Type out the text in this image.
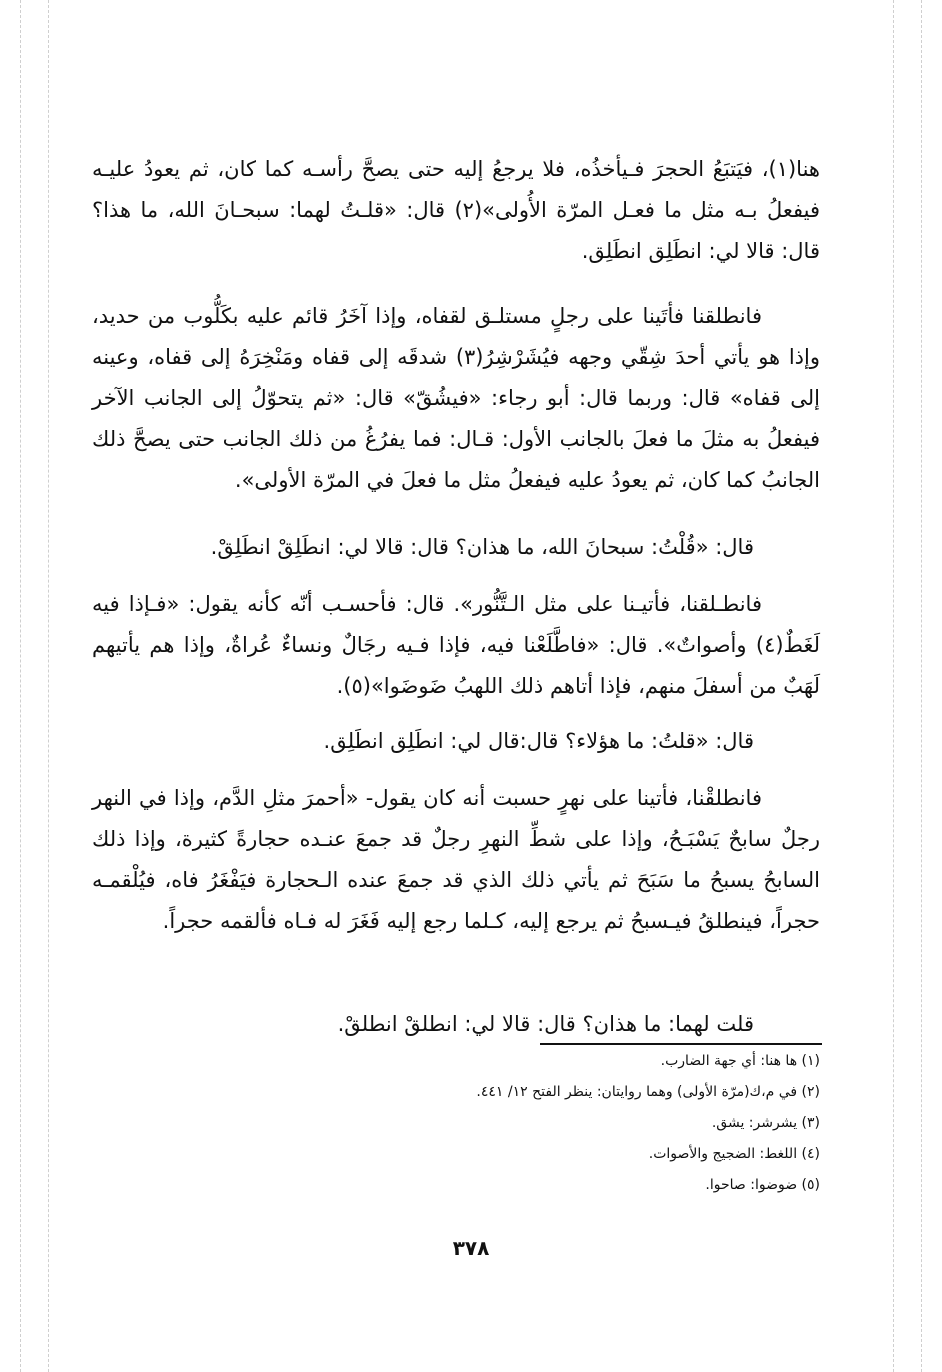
هنا(١)، فيَتبَعُ الحجرَ فـيأخذُه، فلا يرجعُ إليه حتى يصحَّ رأسـه كما كان، ثم يعودُ عليـه فيفعلُ بـه مثل ما فعـل المرّة الأُولى»(٢) قال: «قلـتُ لهما: سبحـانَ الله، ما هذا؟قال: قالا لي: انطَلِق انطَلِق.

فانطلقنا فأتَينا على رجلٍ مستلـق لقفاه، وإذا آخَرُ قائم عليه بكَلُّوب من حديد، وإذا هو يأتي أحدَ شِقّي وجهه فيُشَرْشِرُ(٣) شدقَه إلى قفاه ومَنْخِرَهُ إلى قفاه، وعينه إلى قفاه» قال: وربما قال: أبو رجاء: «فيشُقّ» قال: «ثم يتحوّلُ إلى الجانب الآخر فيفعلُ به مثلَ ما فعلَ بالجانب الأول: قـال: فما يفرُغُ من ذلك الجانب حتى يصحَّ ذلك الجانبُ كما كان، ثم يعودُ عليه فيفعلُ مثل ما فعلَ في المرّة الأولى».

قال: «قُلْتُ: سبحانَ الله، ما هذان؟ قال: قالا لي: انطَلِقْ انطَلِقْ.

فانطـلقنا، فأتيـنا على مثل الـتَّنُّور». قال: فأحسـب أنّه كأنه يقول: «فـإذا فيه لَغَطٌ(٤) وأصواتٌ». قال: «فاطَّلَعْنا فيه، فإذا فـيه رجَالٌ ونساءٌ عُراةٌ، وإذا هم يأتيهم لَهَبٌ من أسفلَ منهم، فإذا أتاهم ذلك اللهبُ ضَوضَوا»(٥).

قال: «قلتُ: ما هؤلاء؟ قال:قال لي: انطَلِق انطَلِق.

فانطلقْنا، فأتينا على نهرٍ حسبت أنه كان يقول- «أحمرَ مثلِ الدَّم، وإذا في النهر رجلٌ سابحٌ يَسْبَـحُ، وإذا على شطِّ النهرِ رجلٌ قد جمعَ عنـده حجارةً كثيرة، وإذا ذلك السابحُ يسبحُ ما سَبَحَ ثم يأتي ذلك الذي قد جمعَ عنده الـحجارة فيَفْغَرُ فاه، فيُلْقمـه حجراً، فينطلقُ فيـسبحُ ثم يرجع إليه، كـلما رجع إليه فَغَرَ له فـاه فألقمه حجراً.

قلت لهما: ما هذان؟ قال: قالا لي: انطلقْ انطلقْ.

(١) ها هنا: أي جهة الضارب.
(٢) في م،ك(مرّة الأولى) وهما روايتان: ينظر الفتح ١٢/ ٤٤١.
(٣) يشرشر: يشق.
(٤) اللغط: الضجيج والأصوات.
(٥) ضوضوا: صاحوا.
٣٧٨
